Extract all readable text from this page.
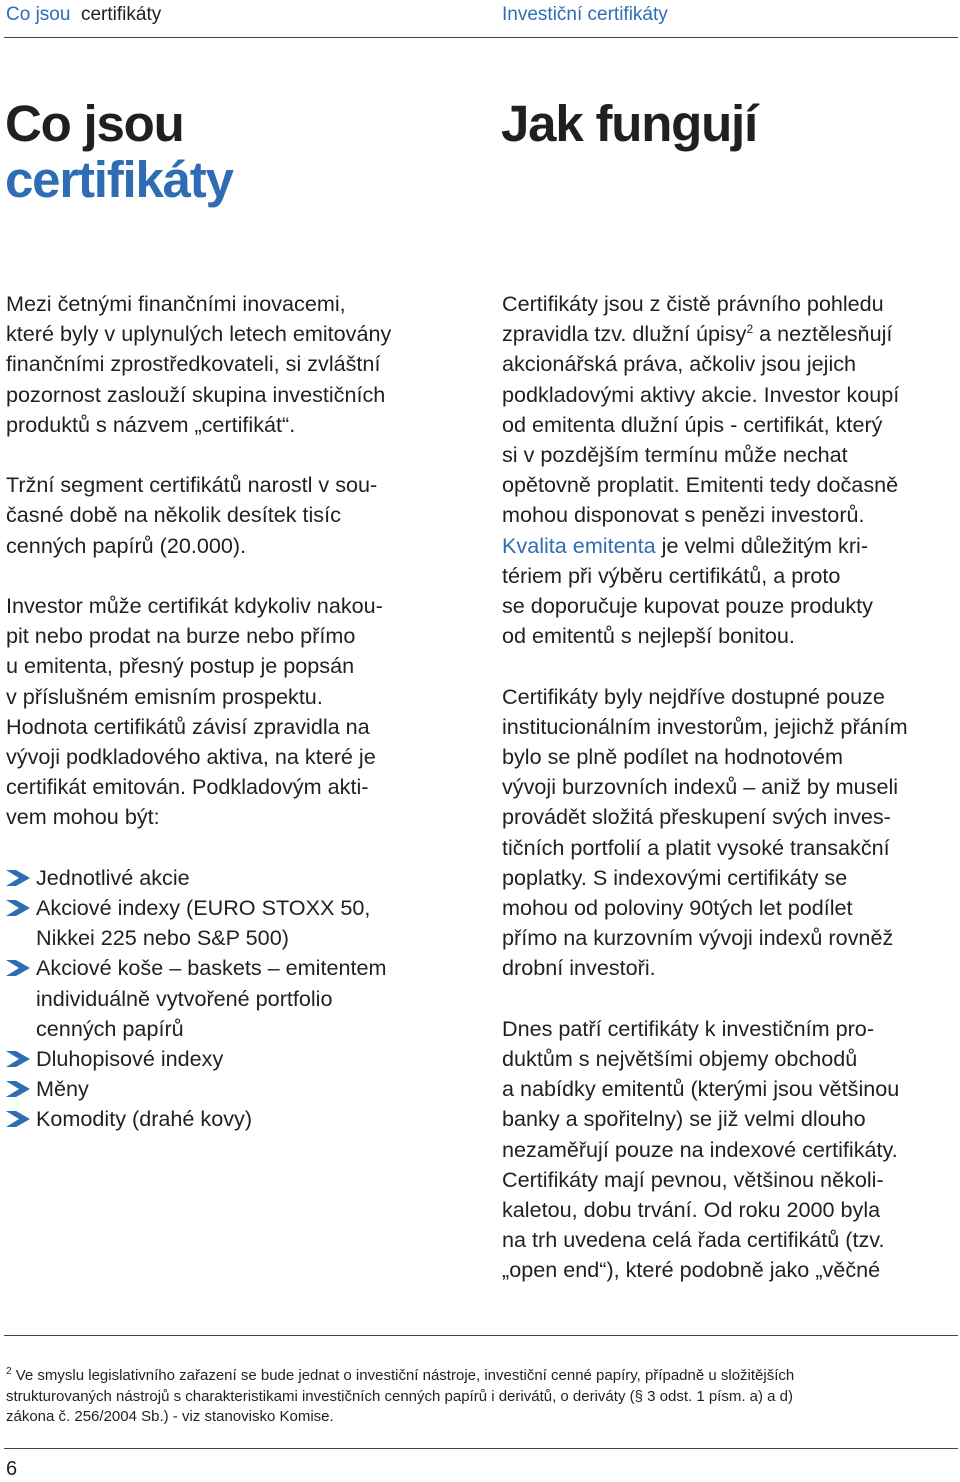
Co jsou certifikáty	Investiční certifikáty
Co jsou
certifikáty
Jak fungují

Mezi četnými finančními inovacemi,
které byly v uplynulých letech emitovány
finančními zprostředkovateli, si zvláštní
pozornost zaslouží skupina investičních
produktů s názvem „certifikát“.

Tržní segment certifikátů narostl v sou-
časné době na několik desítek tisíc
cenných papírů (20.000).

Investor může certifikát kdykoliv nakou-
pit nebo prodat na burze nebo přímo
u emitenta, přesný postup je popsán
v příslušném emisním prospektu.
Hodnota certifikátů závisí zpravidla na
vývoji podkladového aktiva, na které je
certifikát emitován. Podkladovým akti-
vem mohou být:

Jednotlivé akcie
Akciové indexy (EURO STOXX 50,
Nikkei 225 nebo S&P 500)
Akciové koše – baskets – emitentem
individuálně vytvořené portfolio
cenných papírů
Dluhopisové indexy
Měny
Komodity (drahé kovy)

Certifikáty jsou z čistě právního pohledu
zpravidla tzv. dlužní úpisy$^2$ a neztělesňují
akcionářská práva, ačkoliv jsou jejich
podkladovými aktivy akcie. Investor koupí
od emitenta dlužní úpis - certifikát, který
si v pozdějším termínu může nechat
opětovně proplatit. Emitenti tedy dočasně
mohou disponovat s penězi investorů.
Kvalita emitenta je velmi důležitým kri-
tériem při výběru certifikátů, a proto
se doporučuje kupovat pouze produkty
od emitentů s nejlepší bonitou.

Certifikáty byly nejdříve dostupné pouze
institucionálním investorům, jejichž přáním
bylo se plně podílet na hodnotovém
vývoji burzovních indexů – aniž by museli
provádět složitá přeskupení svých inves-
tičních portfolií a platit vysoké transakční
poplatky. S indexovými certifikáty se
mohou od poloviny 90tých let podílet
přímo na kurzovním vývoji indexů rovněž
drobní investoři.

Dnes patří certifikáty k investičním pro-
duktům s největšími objemy obchodů
a nabídky emitentů (kterými jsou většinou
banky a spořitelny) se již velmi dlouho
nezaměřují pouze na indexové certifikáty.
Certifikáty mají pevnou, většinou několi-
kaletou, dobu trvání. Od roku 2000 byla
na trh uvedena celá řada certifikátů (tzv.
„open end“), které podobně jako „věčné

$^2$ Ve smyslu legislativního zařazení se bude jednat o investiční nástroje, investiční cenné papíry, případně u složitějších
strukturovaných nástrojů s charakteristikami investičních cenných papírů i derivátů, o deriváty (§ 3 odst. 1 písm. a) a d)
zákona č. 256/2004 Sb.) - viz stanovisko Komise.
6
